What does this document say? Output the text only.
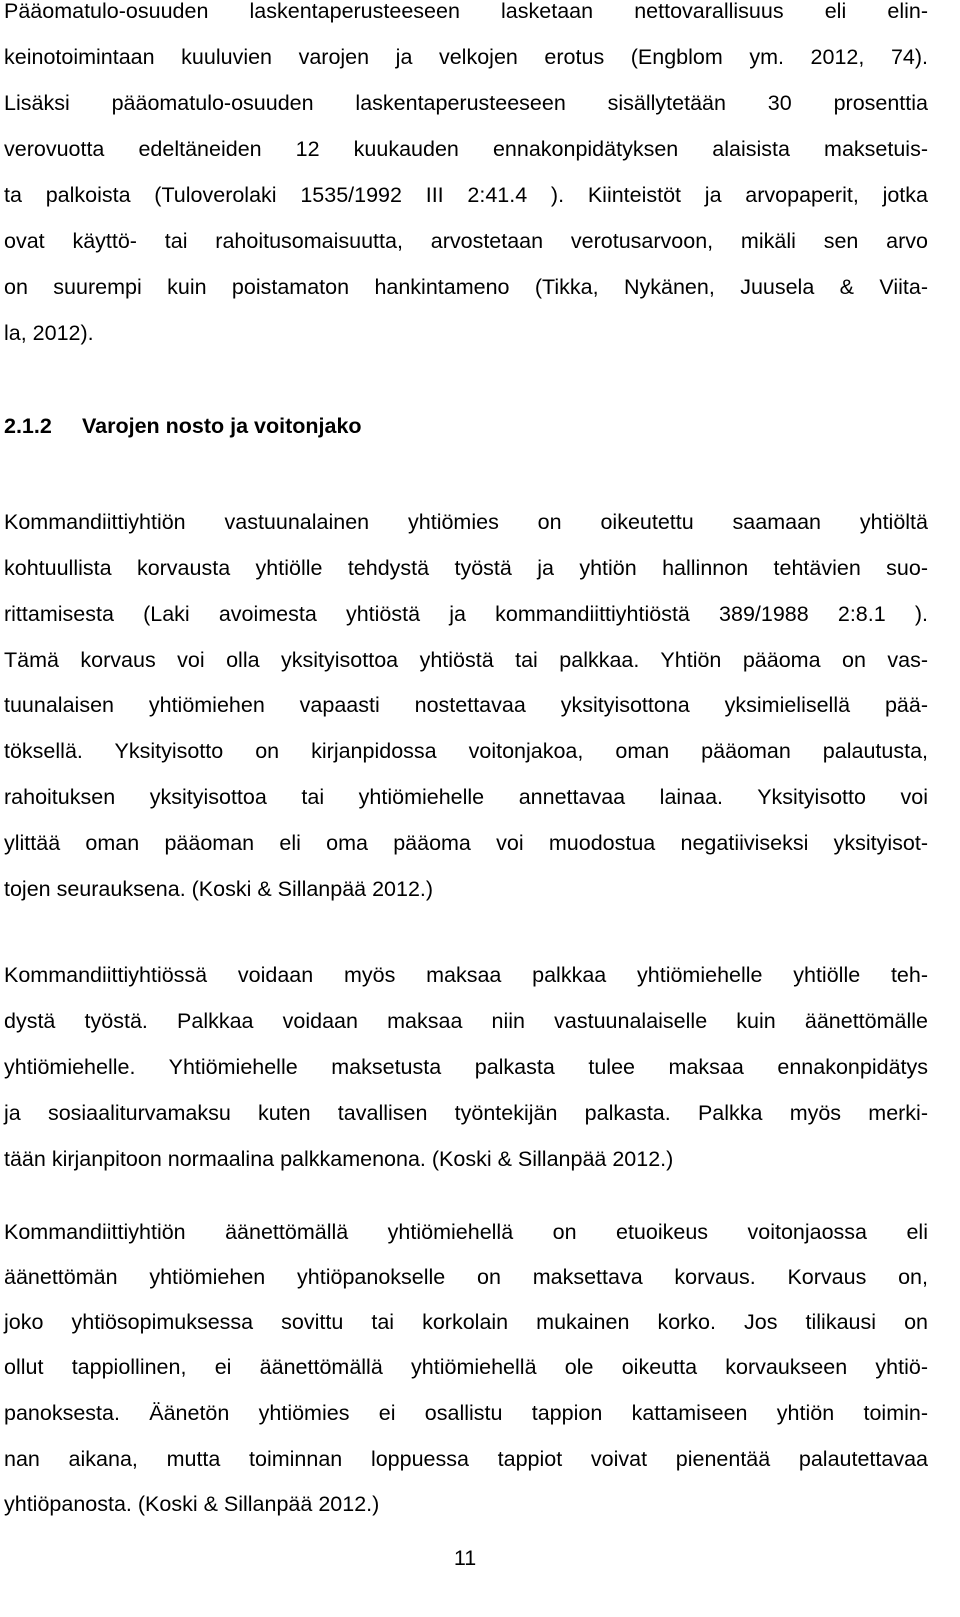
Pääomatulo-osuuden laskentaperusteeseen lasketaan nettovarallisuus eli elin-
keinotoimintaan kuuluvien varojen ja velkojen erotus (Engblom ym. 2012, 74).
Lisäksi pääomatulo-osuuden laskentaperusteeseen sisällytetään 30 prosenttia
verovuotta edeltäneiden 12 kuukauden ennakonpidätyksen alaisista maksetuis-
ta palkoista (Tuloverolaki 1535/1992 III 2:41.4 ). Kiinteistöt ja arvopaperit, jotka
ovat käyttö- tai rahoitusomaisuutta, arvostetaan verotusarvoon, mikäli sen arvo
on suurempi kuin poistamaton hankintameno (Tikka, Nykänen, Juusela & Viita-
la, 2012).
2.1.2 Varojen nosto ja voitonjako
Kommandiittiyhtiön vastuunalainen yhtiömies on oikeutettu saamaan yhtiöltä
kohtuullista korvausta yhtiölle tehdystä työstä ja yhtiön hallinnon tehtävien suo-
rittamisesta (Laki avoimesta yhtiöstä ja kommandiittiyhtiöstä 389/1988 2:8.1 ).
Tämä korvaus voi olla yksityisottoa yhtiöstä tai palkkaa. Yhtiön pääoma on vas-
tuunalaisen yhtiömiehen vapaasti nostettavaa yksityisottona yksimielisellä pää-
töksellä. Yksityisotto on kirjanpidossa voitonjakoa, oman pääoman palautusta,
rahoituksen yksityisottoa tai yhtiömiehelle annettavaa lainaa. Yksityisotto voi
ylittää oman pääoman eli oma pääoma voi muodostua negatiiviseksi yksityisot-
tojen seurauksena. (Koski & Sillanpää 2012.)
Kommandiittiyhtiössä voidaan myös maksaa palkkaa yhtiömiehelle yhtiölle teh-
dystä työstä. Palkkaa voidaan maksaa niin vastuunalaiselle kuin äänettömälle
yhtiömiehelle. Yhtiömiehelle maksetusta palkasta tulee maksaa ennakonpidätys
ja sosiaaliturvamaksu kuten tavallisen työntekijän palkasta. Palkka myös merki-
tään kirjanpitoon normaalina palkkamenona. (Koski & Sillanpää 2012.)
Kommandiittiyhtiön äänettömällä yhtiömiehellä on etuoikeus voitonjaossa eli
äänettömän yhtiömiehen yhtiöpanokselle on maksettava korvaus. Korvaus on,
joko yhtiösopimuksessa sovittu tai korkolain mukainen korko. Jos tilikausi on
ollut tappiollinen, ei äänettömällä yhtiömiehellä ole oikeutta korvaukseen yhtiö-
panoksesta. Äänetön yhtiömies ei osallistu tappion kattamiseen yhtiön toimin-
nan aikana, mutta toiminnan loppuessa tappiot voivat pienentää palautettavaa
yhtiöpanosta. (Koski & Sillanpää 2012.)
11
